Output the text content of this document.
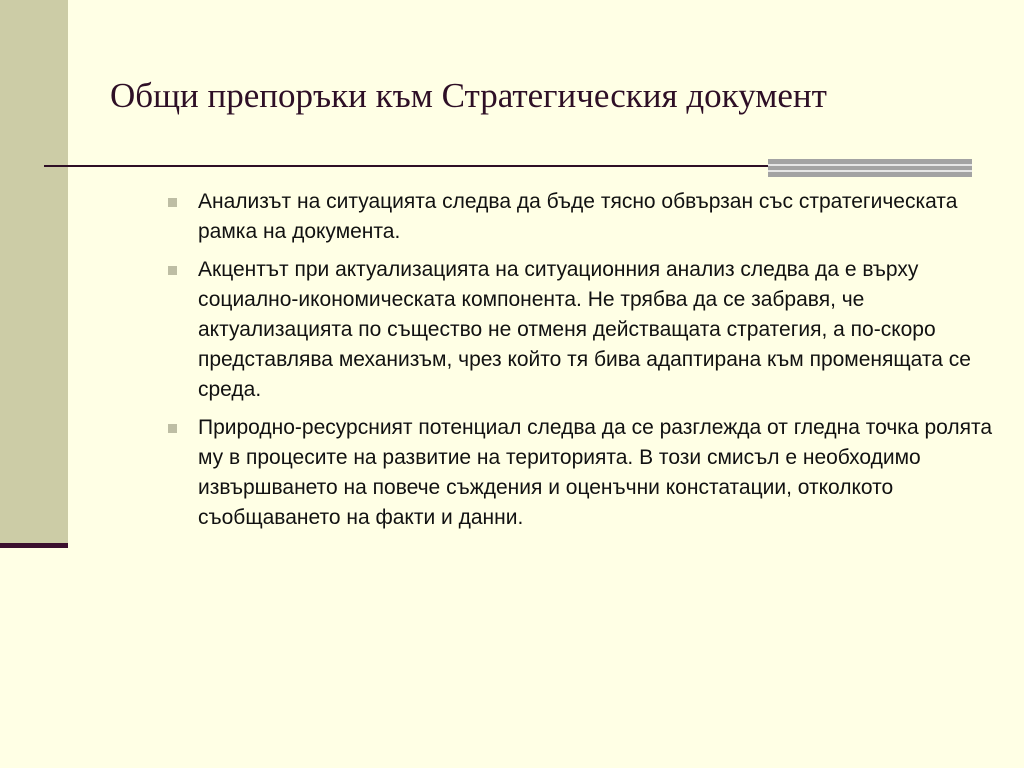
Общи препоръки към Стратегическия документ
Анализът на ситуацията следва да бъде тясно обвързан със стратегическата рамка на документа.
Акцентът при актуализацията на ситуационния анализ следва да е върху социално-икономическата компонента. Не трябва да се забравя, че актуализацията по същество не отменя действащата стратегия, а по-скоро представлява механизъм, чрез който тя бива адаптирана към променящата се среда.
Природно-ресурсният потенциал следва да се разглежда от гледна точка ролята му в процесите на развитие на територията. В този смисъл е необходимо извършването на повече съждения и оценъчни констатации, отколкото съобщаването на факти и данни.
